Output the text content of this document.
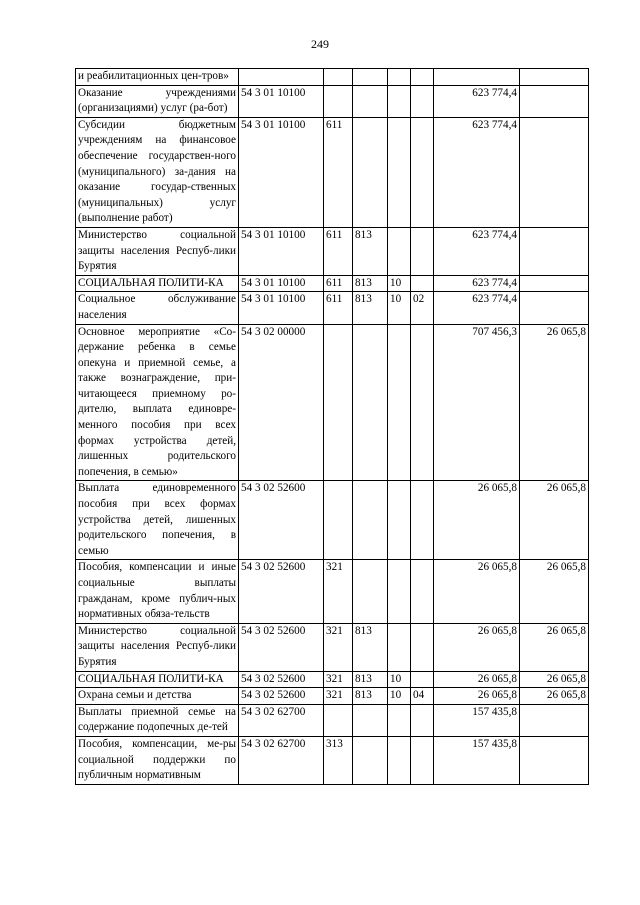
249
и реабилитационных цен-тров»							
Оказание учреждениями (организациями) услуг (ра-бот)	54 3 01 10100					623 774,4	
Субсидии бюджетным учреждениям на финансовое обеспечение государствен-ного (муниципального) за-дания на оказание государ-ственных (муниципальных) услуг (выполнение работ)	54 3 01 10100	611				623 774,4	
Министерство социальной защиты населения Респуб-лики Бурятия	54 3 01 10100	611	813			623 774,4	
СОЦИАЛЬНАЯ ПОЛИТИ-КА	54 3 01 10100	611	813	10		623 774,4	
Социальное обслуживание населения	54 3 01 10100	611	813	10	02	623 774,4	
Основное мероприятие «Со-держание ребенка в семье опекуна и приемной семье, а также вознаграждение, при-читающееся приемному ро-дителю, выплата единовре-менного пособия при всех формах устройства детей, лишенных родительского попечения, в семью»	54 3 02 00000					707 456,3	26 065,8
Выплата единовременного пособия при всех формах устройства детей, лишенных родительского попечения, в семью	54 3 02 52600					26 065,8	26 065,8
Пособия, компенсации и иные социальные выплаты гражданам, кроме публич-ных нормативных обяза-тельств	54 3 02 52600	321				26 065,8	26 065,8
Министерство социальной защиты населения Респуб-лики Бурятия	54 3 02 52600	321	813			26 065,8	26 065,8
СОЦИАЛЬНАЯ ПОЛИТИ-КА	54 3 02 52600	321	813	10		26 065,8	26 065,8
Охрана семьи и детства	54 3 02 52600	321	813	10	04	26 065,8	26 065,8
Выплаты приемной семье на содержание подопечных де-тей	54 3 02 62700					157 435,8	
Пособия, компенсации, ме-ры социальной поддержки по публичным нормативным	54 3 02 62700	313				157 435,8	
